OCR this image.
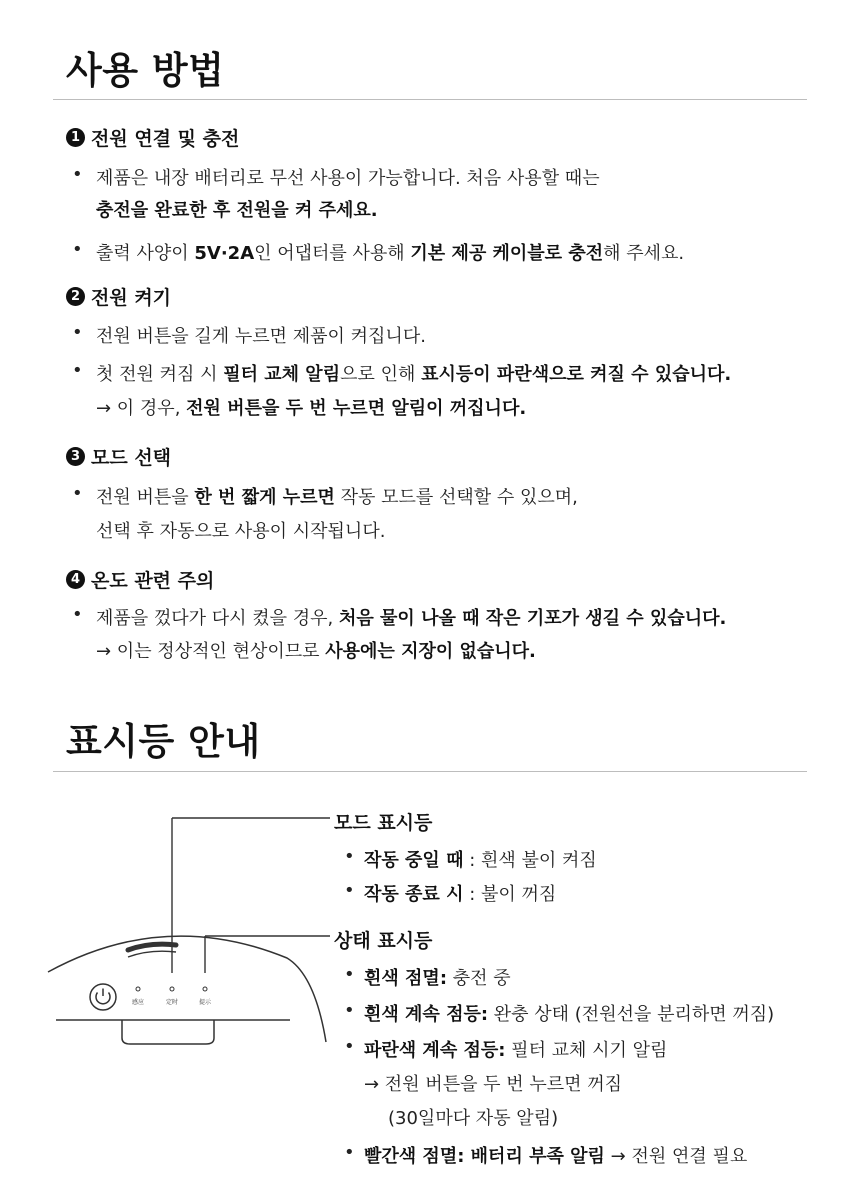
사용 방법
1 전원 연결 및 충전
• 제품은 내장 배터리로 무선 사용이 가능합니다. 처음 사용할 때는
충전을 완료한 후 전원을 켜 주세요.
• 출력 사양이 5V·2A인 어댑터를 사용해 기본 제공 케이블로 충전해 주세요.
2 전원 켜기
• 전원 버튼을 길게 누르면 제품이 켜집니다.
• 첫 전원 켜짐 시 필터 교체 알림으로 인해 표시등이 파란색으로 켜질 수 있습니다.
→ 이 경우, 전원 버튼을 두 번 누르면 알림이 꺼집니다.
3 모드 선택
• 전원 버튼을 한 번 짧게 누르면 작동 모드를 선택할 수 있으며,
선택 후 자동으로 사용이 시작됩니다.
4 온도 관련 주의
• 제품을 껐다가 다시 켰을 경우, 처음 물이 나올 때 작은 기포가 생길 수 있습니다.
→ 이는 정상적인 현상이므로 사용에는 지장이 없습니다.
표시등 안내
感应	定时	提示
모드 표시등
• 작동 중일 때 : 흰색 불이 켜짐
• 작동 종료 시 : 불이 꺼짐
상태 표시등
• 흰색 점멸: 충전 중
• 흰색 계속 점등: 완충 상태 (전원선을 분리하면 꺼짐)
• 파란색 계속 점등: 필터 교체 시기 알림
→ 전원 버튼을 두 번 누르면 꺼짐
(30일마다 자동 알림)
• 빨간색 점멸: 배터리 부족 알림 → 전원 연결 필요
